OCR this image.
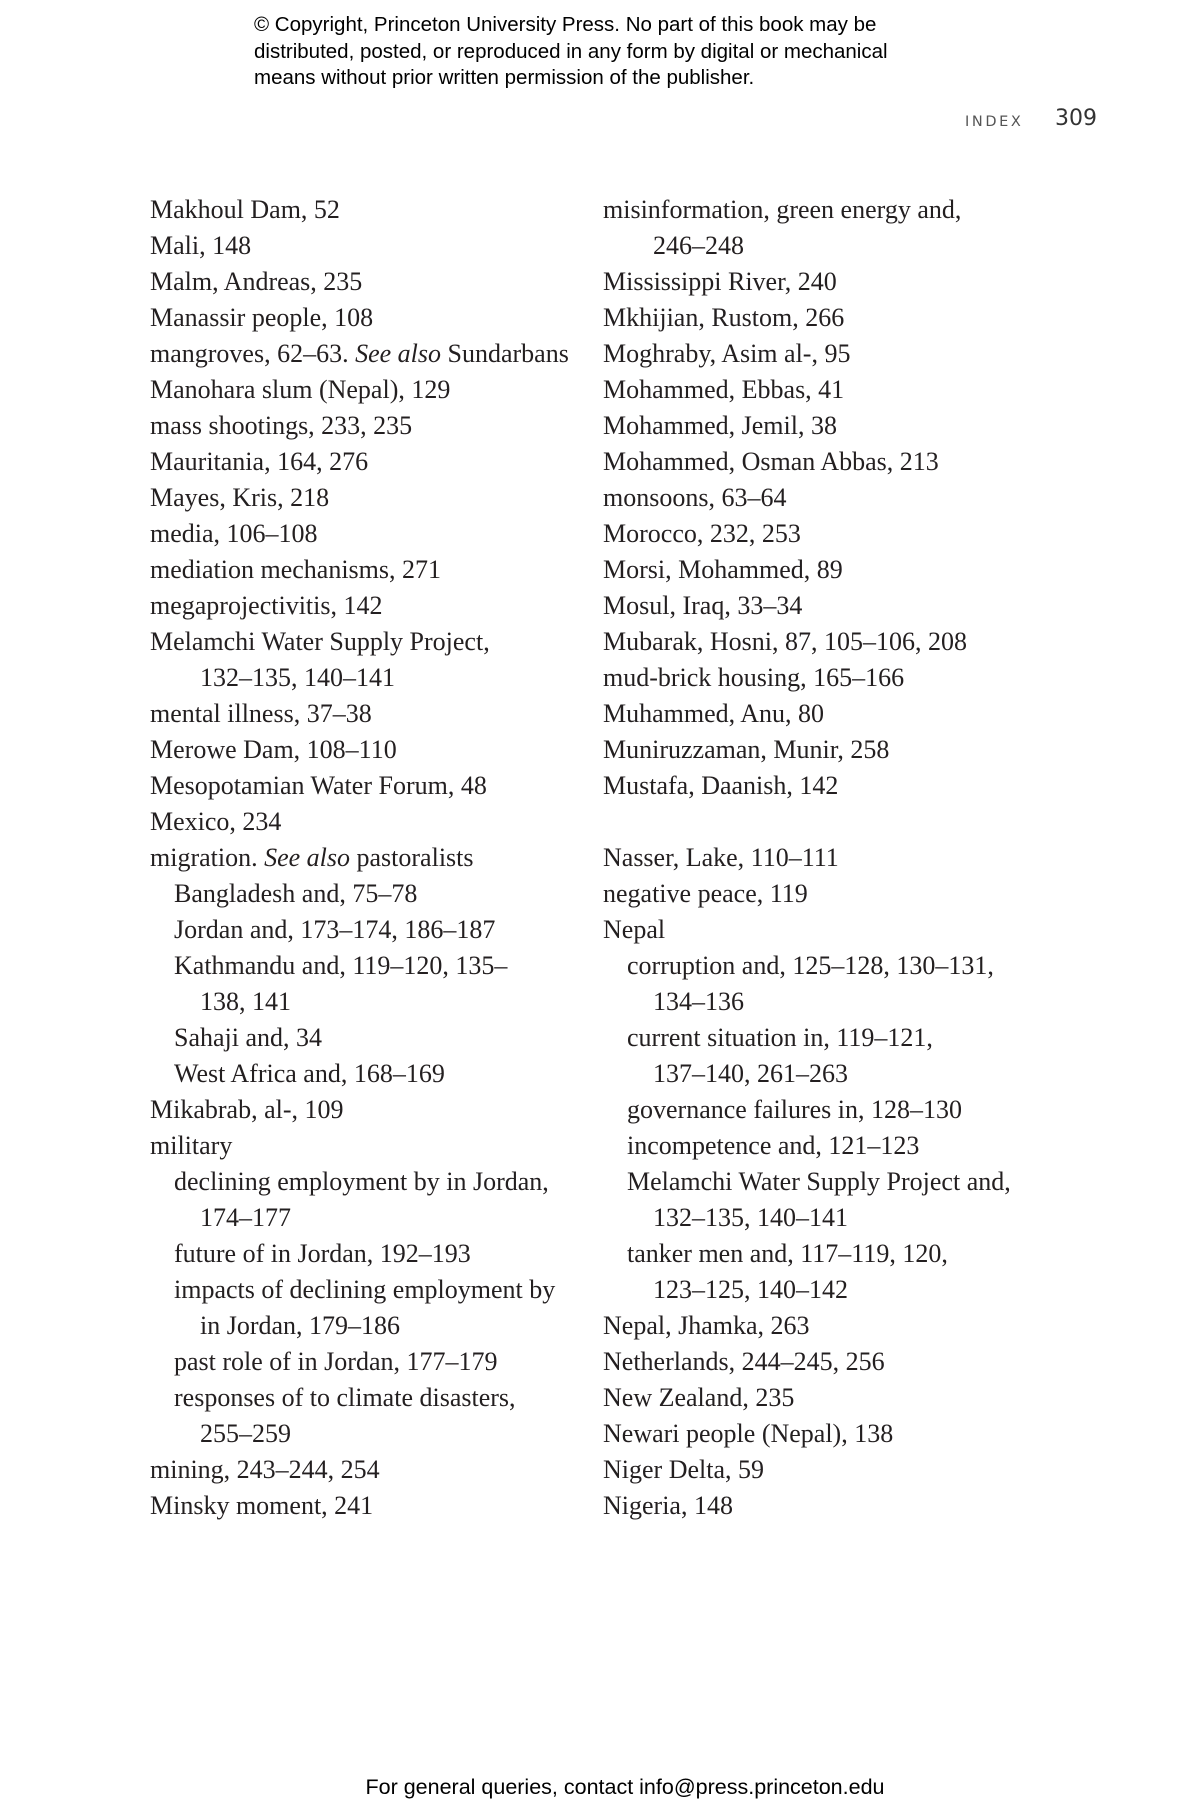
© Copyright, Princeton University Press. No part of this book may be
distributed, posted, or reproduced in any form by digital or mechanical
means without prior written permission of the publisher.
INDEX 309
Makhoul Dam, 52
Mali, 148
Malm, Andreas, 235
Manassir people, 108
mangroves, 62–63. See also Sundarbans
Manohara slum (Nepal), 129
mass shootings, 233, 235
Mauritania, 164, 276
Mayes, Kris, 218
media, 106–108
mediation mechanisms, 271
megaprojectivitis, 142
Melamchi Water Supply Project,
132–135, 140–141
mental illness, 37–38
Merowe Dam, 108–110
Mesopotamian Water Forum, 48
Mexico, 234
migration. See also pastoralists
Bangladesh and, 75–78
Jordan and, 173–174, 186–187
Kathmandu and, 119–120, 135–
138, 141
Sahaji and, 34
West Africa and, 168–169
Mikabrab, al-, 109
military
declining employment by in Jordan,
174–177
future of in Jordan, 192–193
impacts of declining employment by
in Jordan, 179–186
past role of in Jordan, 177–179
responses of to climate disasters,
255–259
mining, 243–244, 254
Minsky moment, 241
misinformation, green energy and,
246–248
Mississippi River, 240
Mkhijian, Rustom, 266
Moghraby, Asim al-, 95
Mohammed, Ebbas, 41
Mohammed, Jemil, 38
Mohammed, Osman Abbas, 213
monsoons, 63–64
Morocco, 232, 253
Morsi, Mohammed, 89
Mosul, Iraq, 33–34
Mubarak, Hosni, 87, 105–106, 208
mud-brick housing, 165–166
Muhammed, Anu, 80
Muniruzzaman, Munir, 258
Mustafa, Daanish, 142
Nasser, Lake, 110–111
negative peace, 119
Nepal
corruption and, 125–128, 130–131,
134–136
current situation in, 119–121,
137–140, 261–263
governance failures in, 128–130
incompetence and, 121–123
Melamchi Water Supply Project and,
132–135, 140–141
tanker men and, 117–119, 120,
123–125, 140–142
Nepal, Jhamka, 263
Netherlands, 244–245, 256
New Zealand, 235
Newari people (Nepal), 138
Niger Delta, 59
Nigeria, 148
For general queries, contact info@press.princeton.edu
